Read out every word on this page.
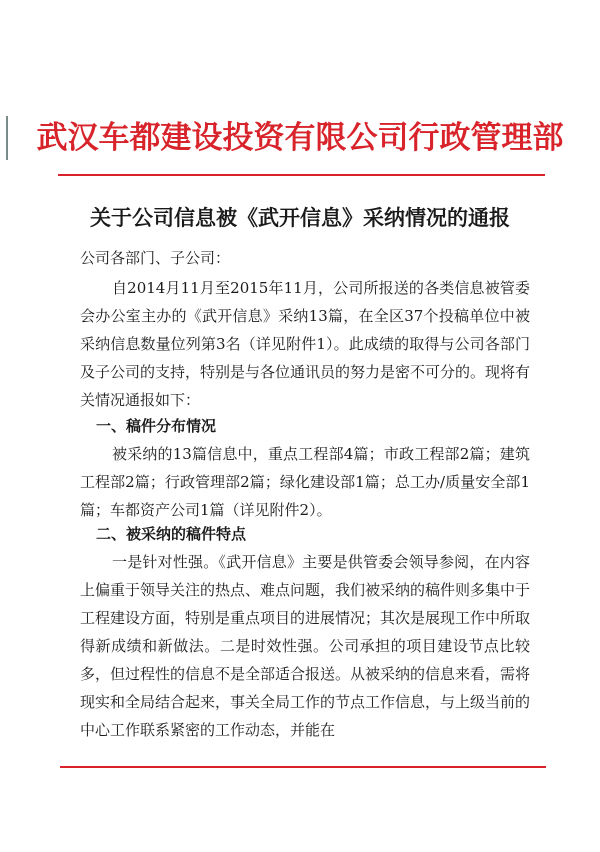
武汉车都建设投资有限公司行政管理部
关于公司信息被《武开信息》采纳情况的通报
公司各部门、子公司：
自2014月11月至2015年11月，公司所报送的各类信息被管委会办公室主办的《武开信息》采纳13篇，在全区37个投稿单位中被采纳信息数量位列第3名（详见附件1）。此成绩的取得与公司各部门及子公司的支持，特别是与各位通讯员的努力是密不可分的。现将有关情况通报如下：
一、稿件分布情况
被采纳的13篇信息中，重点工程部4篇；市政工程部2篇；建筑工程部2篇；行政管理部2篇；绿化建设部1篇；总工办/质量安全部1篇；车都资产公司1篇（详见附件2）。
二、被采纳的稿件特点
一是针对性强。《武开信息》主要是供管委会领导参阅，在内容上偏重于领导关注的热点、难点问题，我们被采纳的稿件则多集中于工程建设方面，特别是重点项目的进展情况；其次是展现工作中所取得新成绩和新做法。二是时效性强。公司承担的项目建设节点比较多，但过程性的信息不是全部适合报送。从被采纳的信息来看，需将现实和全局结合起来，事关全局工作的节点工作信息，与上级当前的中心工作联系紧密的工作动态，并能在
